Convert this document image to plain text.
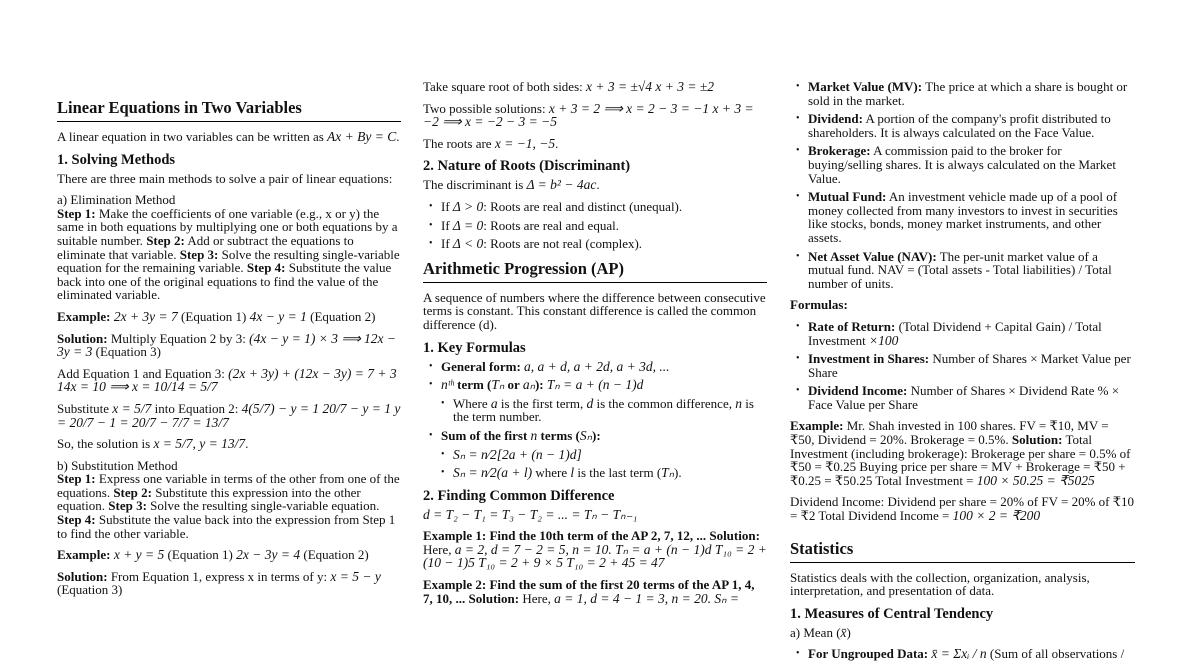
Linear Equations in Two Variables

A linear equation in two variables can be written as Ax + By = C.

1. Solving Methods

There are three main methods to solve a pair of linear equations:

a) Elimination Method

Step 1: Make the coefficients of one variable (e.g., x or y) the same in both equations by multiplying one or both equations by a suitable number. Step 2: Add or subtract the equations to eliminate that variable. Step 3: Solve the resulting single-variable equation for the remaining variable. Step 4: Substitute the value back into one of the original equations to find the value of the eliminated variable.

Example: 2x + 3y = 7 (Equation 1) 4x − y = 1 (Equation 2)

Solution: Multiply Equation 2 by 3: (4x − y = 1) × 3 ⟹ 12x − 3y = 3 (Equation 3)

Add Equation 1 and Equation 3: (2x + 3y) + (12x − 3y) = 7 + 3 14x = 10 ⟹ x = 10/14 = 5/7

Substitute x = 5/7 into Equation 2: 4(5/7) − y = 1 20/7 − y = 1 y = 20/7 − 1 = 20/7 − 7/7 = 13/7

So, the solution is x = 5/7, y = 13/7.

b) Substitution Method

Step 1: Express one variable in terms of the other from one of the equations. Step 2: Substitute this expression into the other equation. Step 3: Solve the resulting single-variable equation. Step 4: Substitute the value back into the expression from Step 1 to find the other variable.

Example: x + y = 5 (Equation 1) 2x − 3y = 4 (Equation 2)

Solution: From Equation 1, express x in terms of y: x = 5 − y (Equation 3)

Take square root of both sides: x + 3 = ±√4 x + 3 = ±2

Two possible solutions: x + 3 = 2 ⟹ x = 2 − 3 = −1 x + 3 = −2 ⟹ x = −2 − 3 = −5

The roots are x = −1, −5.

2. Nature of Roots (Discriminant)

The discriminant is Δ = b² − 4ac.

• If Δ > 0: Roots are real and distinct (unequal).
• If Δ = 0: Roots are real and equal.
• If Δ < 0: Roots are not real (complex).
Arithmetic Progression (AP)

A sequence of numbers where the difference between consecutive terms is constant. This constant difference is called the common difference (d).

1. Key Formulas
• General form: a, a + d, a + 2d, a + 3d, ...
• nᵗʰ term (Tₙ or aₙ): Tₙ = a + (n − 1)d
• Where a is the first term, d is the common difference, n is the term number.
• Sum of the first n terms (Sₙ):
• Sₙ = n⁄2[2a + (n − 1)d]
• Sₙ = n⁄2(a + l) where l is the last term (Tₙ).
2. Finding Common Difference

d = T₂ − T₁ = T₃ − T₂ = ... = Tₙ − Tₙ₋₁

Example 1: Find the 10th term of the AP 2, 7, 12, ... Solution: Here, a = 2, d = 7 − 2 = 5, n = 10. Tₙ = a + (n − 1)d T₁₀ = 2 + (10 − 1)5 T₁₀ = 2 + 9 × 5 T₁₀ = 2 + 45 = 47

Example 2: Find the sum of the first 20 terms of the AP 1, 4, 7, 10, ... Solution: Here, a = 1, d = 4 − 1 = 3, n = 20. Sₙ =

• Market Value (MV): The price at which a share is bought or sold in the market.
• Dividend: A portion of the company's profit distributed to shareholders. It is always calculated on the Face Value.
• Brokerage: A commission paid to the broker for buying/selling shares. It is always calculated on the Market Value.
• Mutual Fund: An investment vehicle made up of a pool of money collected from many investors to invest in securities like stocks, bonds, money market instruments, and other assets.
• Net Asset Value (NAV): The per-unit market value of a mutual fund. NAV = (Total assets - Total liabilities) / Total number of units.

Formulas:

• Rate of Return: (Total Dividend + Capital Gain) / Total Investment ×100
• Investment in Shares: Number of Shares × Market Value per Share
• Dividend Income: Number of Shares × Dividend Rate % × Face Value per Share

Example: Mr. Shah invested in 100 shares. FV = ₹10, MV = ₹50, Dividend = 20%. Brokerage = 0.5%. Solution: Total Investment (including brokerage): Brokerage per share = 0.5% of ₹50 = ₹0.25 Buying price per share = MV + Brokerage = ₹50 + ₹0.25 = ₹50.25 Total Investment = 100 × 50.25 = ₹5025

Dividend Income: Dividend per share = 20% of FV = 20% of ₹10 = ₹2 Total Dividend Income = 100 × 2 = ₹200

Statistics

Statistics deals with the collection, organization, analysis, interpretation, and presentation of data.

1. Measures of Central Tendency

a) Mean (x̄)

• For Ungrouped Data: x̄ = Σxᵢ / n (Sum of all observations /
